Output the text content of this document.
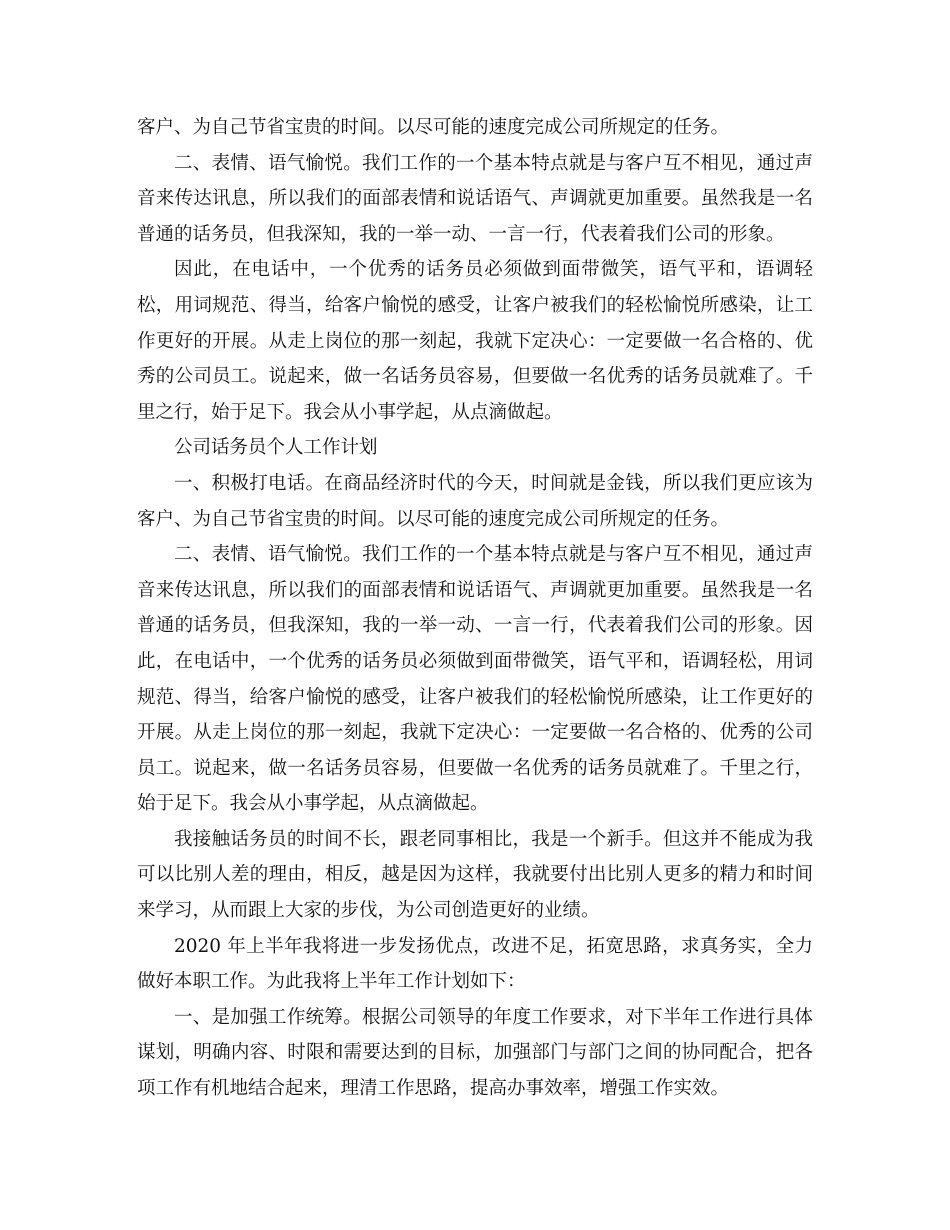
客户、为自己节省宝贵的时间。以尽可能的速度完成公司所规定的任务。

二、表情、语气愉悦。我们工作的一个基本特点就是与客户互不相见，通过声音来传达讯息，所以我们的面部表情和说话语气、声调就更加重要。虽然我是一名普通的话务员，但我深知，我的一举一动、一言一行，代表着我们公司的形象。

因此，在电话中，一个优秀的话务员必须做到面带微笑，语气平和，语调轻松，用词规范、得当，给客户愉悦的感受，让客户被我们的轻松愉悦所感染，让工作更好的开展。从走上岗位的那一刻起，我就下定决心：一定要做一名合格的、优秀的公司员工。说起来，做一名话务员容易，但要做一名优秀的话务员就难了。千里之行，始于足下。我会从小事学起，从点滴做起。

公司话务员个人工作计划

一、积极打电话。在商品经济时代的今天，时间就是金钱，所以我们更应该为客户、为自己节省宝贵的时间。以尽可能的速度完成公司所规定的任务。

二、表情、语气愉悦。我们工作的一个基本特点就是与客户互不相见，通过声音来传达讯息，所以我们的面部表情和说话语气、声调就更加重要。虽然我是一名普通的话务员，但我深知，我的一举一动、一言一行，代表着我们公司的形象。因此，在电话中，一个优秀的话务员必须做到面带微笑，语气平和，语调轻松，用词规范、得当，给客户愉悦的感受，让客户被我们的轻松愉悦所感染，让工作更好的开展。从走上岗位的那一刻起，我就下定决心：一定要做一名合格的、优秀的公司员工。说起来，做一名话务员容易，但要做一名优秀的话务员就难了。千里之行，始于足下。我会从小事学起，从点滴做起。

我接触话务员的时间不长，跟老同事相比，我是一个新手。但这并不能成为我可以比别人差的理由，相反，越是因为这样，我就要付出比别人更多的精力和时间来学习，从而跟上大家的步伐，为公司创造更好的业绩。

2020 年上半年我将进一步发扬优点，改进不足，拓宽思路，求真务实，全力做好本职工作。为此我将上半年工作计划如下：

一、是加强工作统筹。根据公司领导的年度工作要求，对下半年工作进行具体谋划，明确内容、时限和需要达到的目标，加强部门与部门之间的协同配合，把各项工作有机地结合起来，理清工作思路，提高办事效率，增强工作实效。
